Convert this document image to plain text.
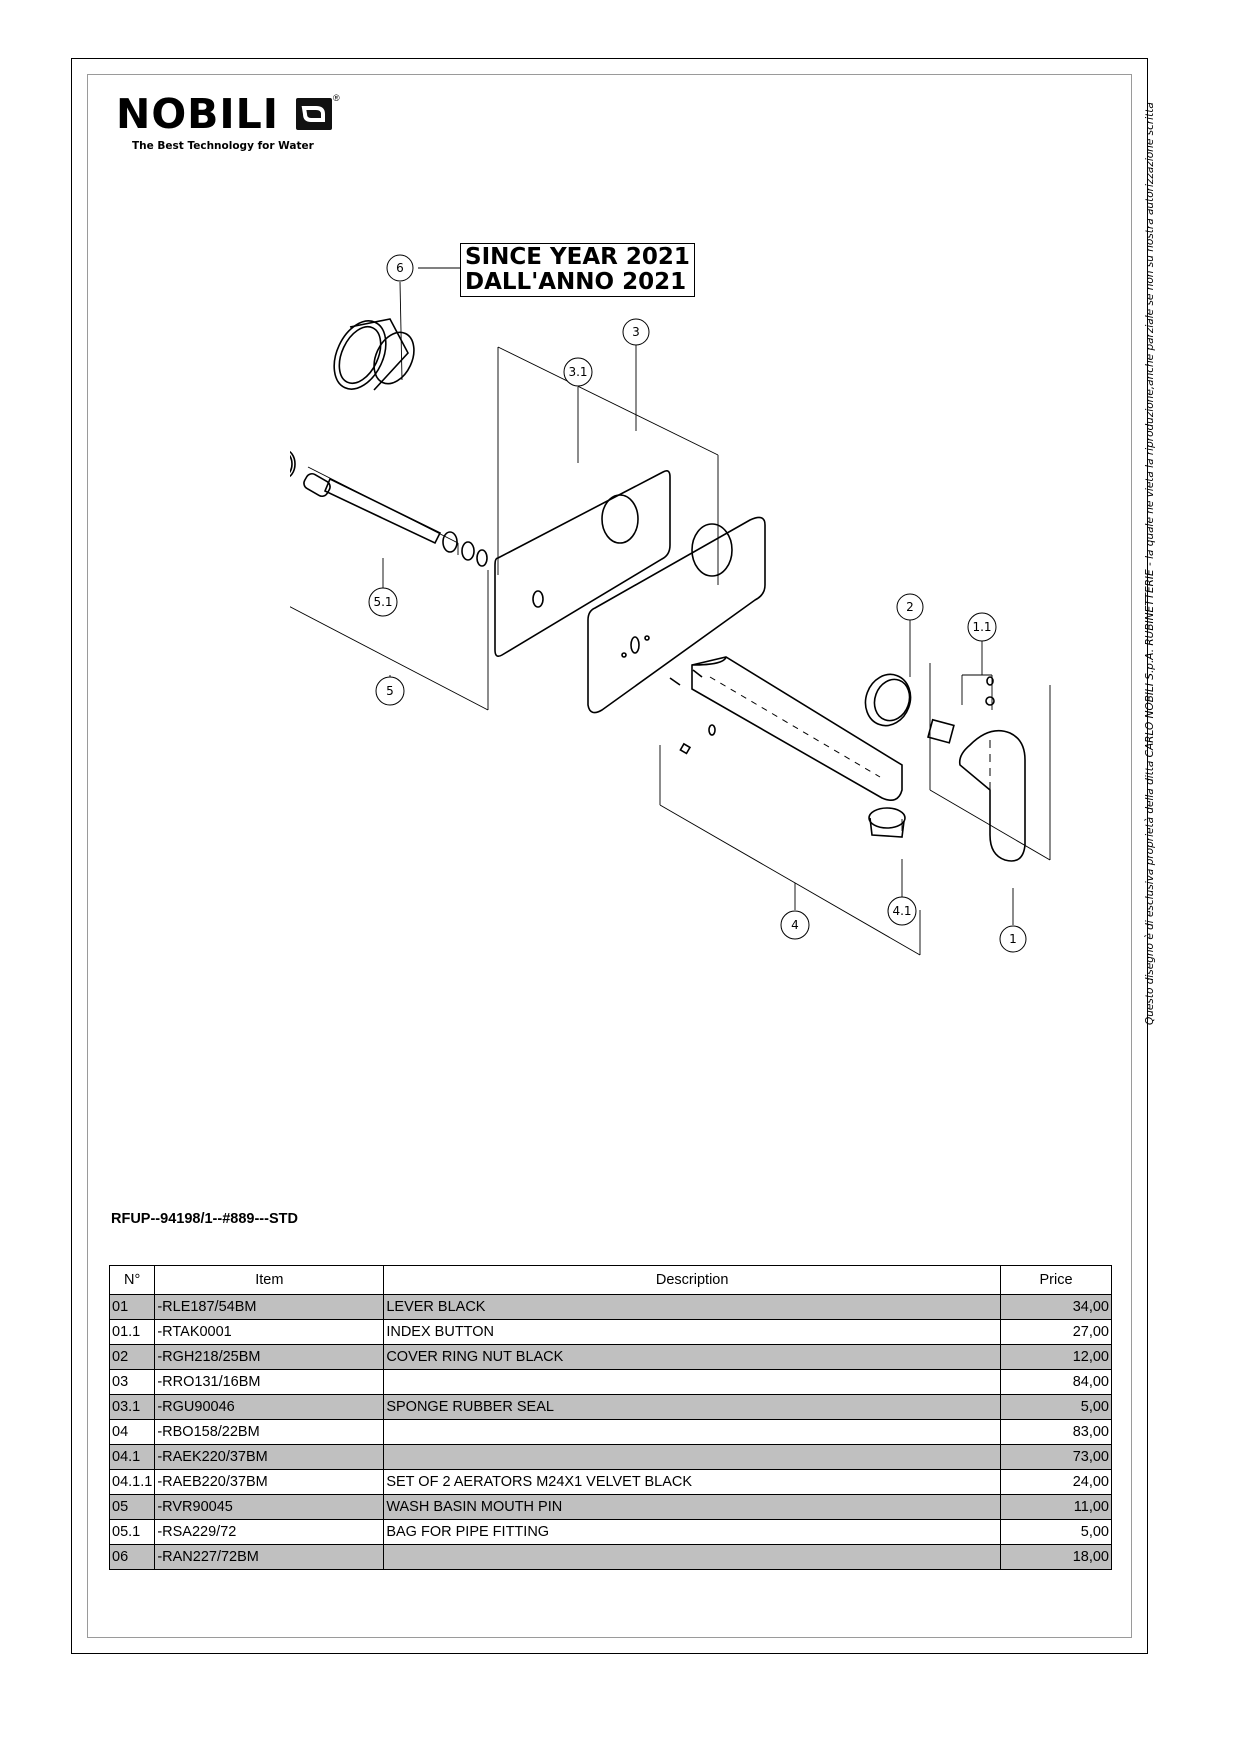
Questo disegno è di esclusiva proprietà della ditta CARLO NOBILI S.p.A. RUBINETTERIE - la quale ne vieta la riproduzione,anche parziale se non su nostra autorizzazione scritta
NOBILI	®
The Best Technology for Water
SINCE YEAR 2021
DALL'ANNO 2021
6
3
3.1
5.1
5
2
1.1
4
4.1
1
RFUP--94198/1--#889---STD
N°	Item	Description	Price
01	-RLE187/54BM	LEVER BLACK	34,00
01.1	-RTAK0001	INDEX BUTTON	27,00
02	-RGH218/25BM	COVER RING NUT BLACK	12,00
03	-RRO131/16BM		84,00
03.1	-RGU90046	SPONGE RUBBER SEAL	5,00
04	-RBO158/22BM		83,00
04.1	-RAEK220/37BM		73,00
04.1.1	-RAEB220/37BM	SET OF 2 AERATORS M24X1 VELVET BLACK	24,00
05	-RVR90045	WASH BASIN MOUTH PIN	11,00
05.1	-RSA229/72	BAG FOR PIPE FITTING	5,00
06	-RAN227/72BM		18,00
